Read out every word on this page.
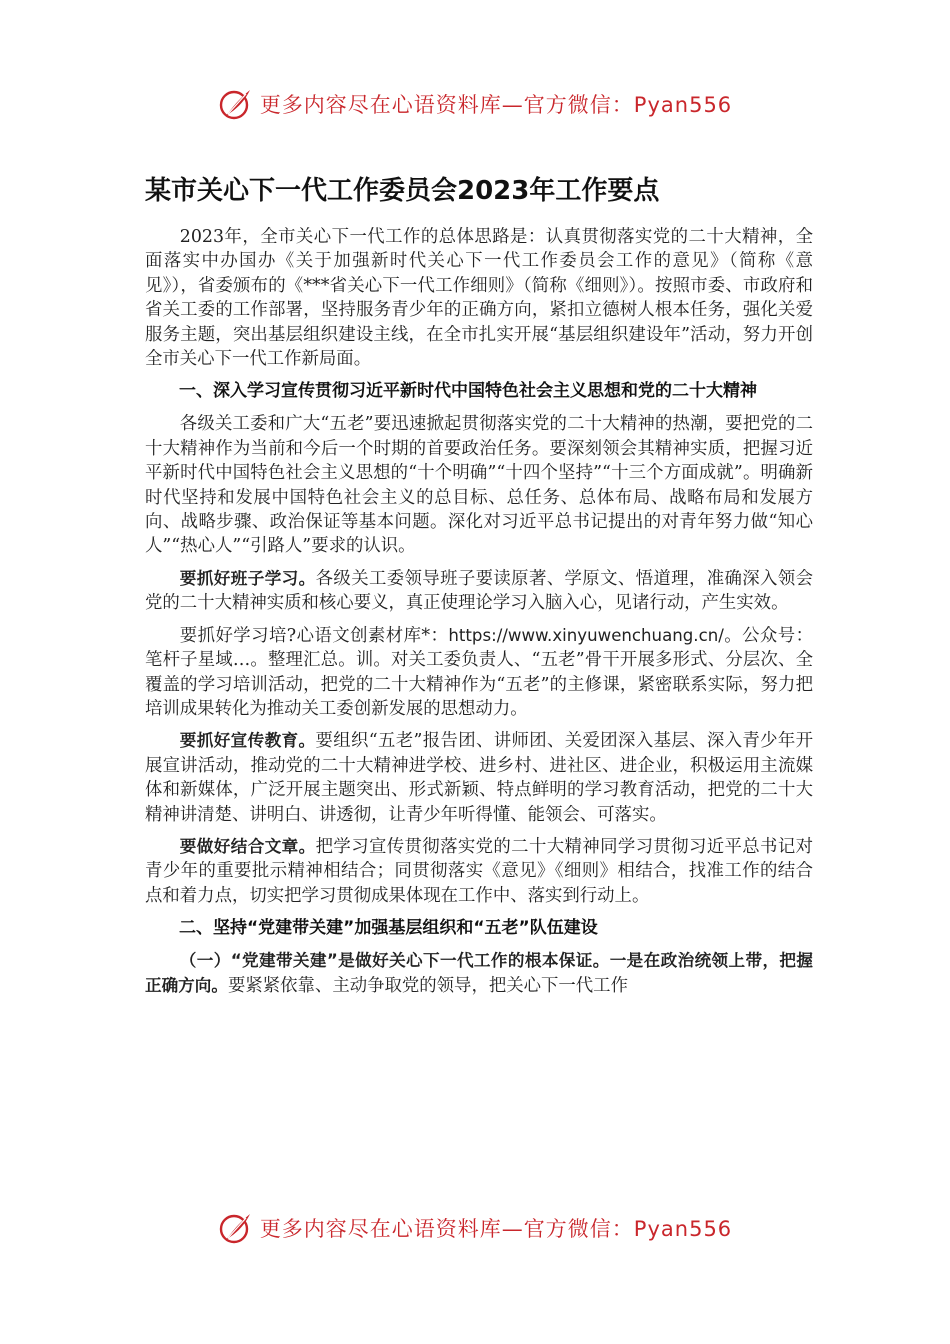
更多内容尽在心语资料库—官方微信：Pyan556
某市关心下一代工作委员会2023年工作要点

2023年，全市关心下一代工作的总体思路是：认真贯彻落实党的二十大精神，全面落实中办国办《关于加强新时代关心下一代工作委员会工作的意见》（简称《意见》），省委颁布的《***省关心下一代工作细则》（简称《细则》）。按照市委、市政府和省关工委的工作部署，坚持服务青少年的正确方向，紧扣立德树人根本任务，强化关爱服务主题，突出基层组织建设主线，在全市扎实开展“基层组织建设年”活动，努力开创全市关心下一代工作新局面。

一、深入学习宣传贯彻习近平新时代中国特色社会主义思想和党的二十大精神

各级关工委和广大“五老”要迅速掀起贯彻落实党的二十大精神的热潮，要把党的二十大精神作为当前和今后一个时期的首要政治任务。要深刻领会其精神实质，把握习近平新时代中国特色社会主义思想的“十个明确”“十四个坚持”“十三个方面成就”。明确新时代坚持和发展中国特色社会主义的总目标、总任务、总体布局、战略布局和发展方向、战略步骤、政治保证等基本问题。深化对习近平总书记提出的对青年努力做“知心人”“热心人”“引路人”要求的认识。

要抓好班子学习。各级关工委领导班子要读原著、学原文、悟道理，准确深入领会党的二十大精神实质和核心要义，真正使理论学习入脑入心，见诸行动，产生实效。

要抓好学习培?心语文创素材库*：https://www.xinyuwenchuang.cn/。公众号：笔杆子星域…。整理汇总。训。对关工委负责人、“五老”骨干开展多形式、分层次、全覆盖的学习培训活动，把党的二十大精神作为“五老”的主修课，紧密联系实际，努力把培训成果转化为推动关工委创新发展的思想动力。

要抓好宣传教育。要组织“五老”报告团、讲师团、关爱团深入基层、深入青少年开展宣讲活动，推动党的二十大精神进学校、进乡村、进社区、进企业，积极运用主流媒体和新媒体，广泛开展主题突出、形式新颖、特点鲜明的学习教育活动，把党的二十大精神讲清楚、讲明白、讲透彻，让青少年听得懂、能领会、可落实。

要做好结合文章。把学习宣传贯彻落实党的二十大精神同学习贯彻习近平总书记对青少年的重要批示精神相结合；同贯彻落实《意见》《细则》相结合，找准工作的结合点和着力点，切实把学习贯彻成果体现在工作中、落实到行动上。

二、坚持“党建带关建”加强基层组织和“五老”队伍建设

（一）“党建带关建”是做好关心下一代工作的根本保证。一是在政治统领上带，把握正确方向。要紧紧依靠、主动争取党的领导，把关心下一代工作

更多内容尽在心语资料库—官方微信：Pyan556
